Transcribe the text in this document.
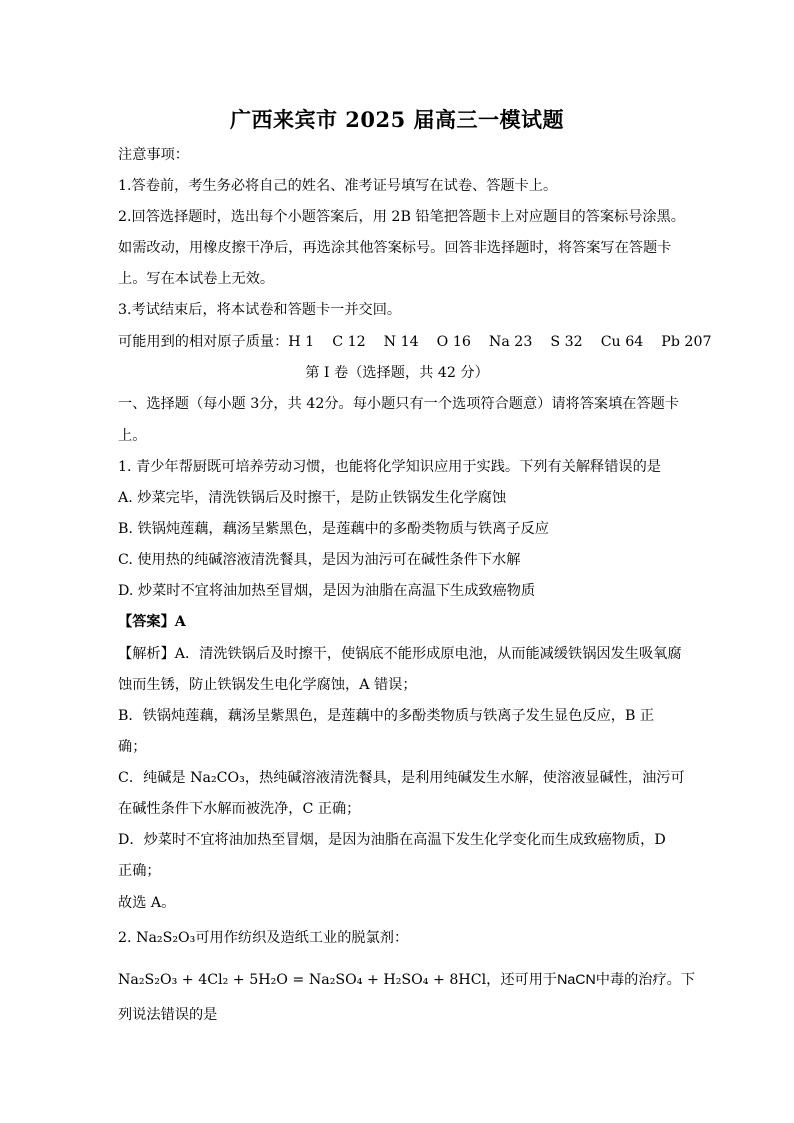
广西来宾市 2025 届高三一模试题
注意事项：
1.答卷前，考生务必将自己的姓名、准考证号填写在试卷、答题卡上。
2.回答选择题时，选出每个小题答案后，用 2B 铅笔把答题卡上对应题目的答案标号涂黑。
如需改动，用橡皮擦干净后，再选涂其他答案标号。回答非选择题时，将答案写在答题卡
上。写在本试卷上无效。
3.考试结束后，将本试卷和答题卡一并交回。
可能用到的相对原子质量：H 1    C 12    N 14    O 16    Na 23    S 32    Cu 64    Pb 207
第 I 卷（选择题，共 42 分）
一、选择题（每小题 3分，共 42分。每小题只有一个选项符合题意）请将答案填在答题卡
上。
1. 青少年帮厨既可培养劳动习惯，也能将化学知识应用于实践。下列有关解释错误的是
A. 炒菜完毕，清洗铁锅后及时擦干，是防止铁锅发生化学腐蚀
B. 铁锅炖莲藕，藕汤呈紫黑色，是莲藕中的多酚类物质与铁离子反应
C. 使用热的纯碱溶液清洗餐具，是因为油污可在碱性条件下水解
D. 炒菜时不宜将油加热至冒烟，是因为油脂在高温下生成致癌物质
【答案】A
【解析】A．清洗铁锅后及时擦干，使锅底不能形成原电池，从而能减缓铁锅因发生吸氧腐
蚀而生锈，防止铁锅发生电化学腐蚀，A 错误；
B．铁锅炖莲藕，藕汤呈紫黑色，是莲藕中的多酚类物质与铁离子发生显色反应，B 正
确；
C．纯碱是 Na₂CO₃，热纯碱溶液清洗餐具，是利用纯碱发生水解，使溶液显碱性，油污可
在碱性条件下水解而被洗净，C 正确；
D．炒菜时不宜将油加热至冒烟，是因为油脂在高温下发生化学变化而生成致癌物质，D
正确；
故选 A。
2. Na₂S₂O₃可用作纺织及造纸工业的脱氯剂：
Na₂S₂O₃ + 4Cl₂ + 5H₂O = Na₂SO₄ + H₂SO₄ + 8HCl，还可用于NaCN中毒的治疗。下
列说法错误的是
